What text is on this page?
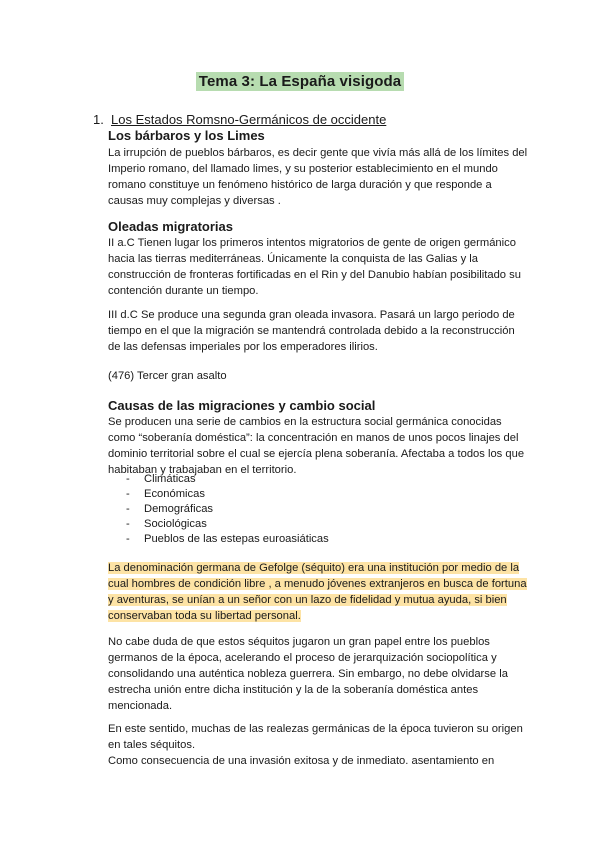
Tema 3: La España visigoda
1. Los Estados Romsno-Germánicos de occidente
Los bárbaros y los Limes
La irrupción de pueblos bárbaros, es decir gente que vivía más allá de los límites del Imperio romano, del llamado limes, y su posterior establecimiento en el mundo romano constituye un fenómeno histórico de larga duración y que responde a causas muy complejas y diversas .
Oleadas migratorias
II a.C Tienen lugar los primeros intentos migratorios de gente de origen germánico hacia las tierras mediterráneas. Únicamente la conquista de las Galias y la construcción de fronteras fortificadas en el Rin y del Danubio habían posibilitado su contención durante un tiempo.
III d.C Se produce una segunda gran oleada invasora. Pasará un largo periodo de tiempo en el que la migración se mantendrá controlada debido a la reconstrucción de las defensas imperiales por los emperadores ilirios.
(476) Tercer gran asalto
Causas de las migraciones y cambio social
Se producen una serie de cambios en la estructura social germánica conocidas como “soberanía doméstica”: la concentración en manos de unos pocos linajes del dominio territorial sobre el cual se ejercía plena soberanía. Afectaba a todos los que habitaban y trabajaban en el territorio.
- Climáticas
- Económicas
- Demográficas
- Sociológicas
- Pueblos de las estepas euroasiáticas
La denominación germana de Gefolge (séquito) era una institución por medio de la
cual hombres de condición libre , a menudo jóvenes extranjeros en busca de fortuna
y aventuras, se unían a un señor con un lazo de fidelidad y mutua ayuda, si bien
conservaban toda su libertad personal.
No cabe duda de que estos séquitos jugaron un gran papel entre los pueblos germanos de la época, acelerando el proceso de jerarquización sociopolítica y consolidando una auténtica nobleza guerrera. Sin embargo, no debe olvidarse la estrecha unión entre dicha institución y la de la soberanía doméstica antes mencionada.
En este sentido, muchas de las realezas germánicas de la época tuvieron su origen en tales séquitos.
Como consecuencia de una invasión exitosa y de inmediato. asentamiento en
